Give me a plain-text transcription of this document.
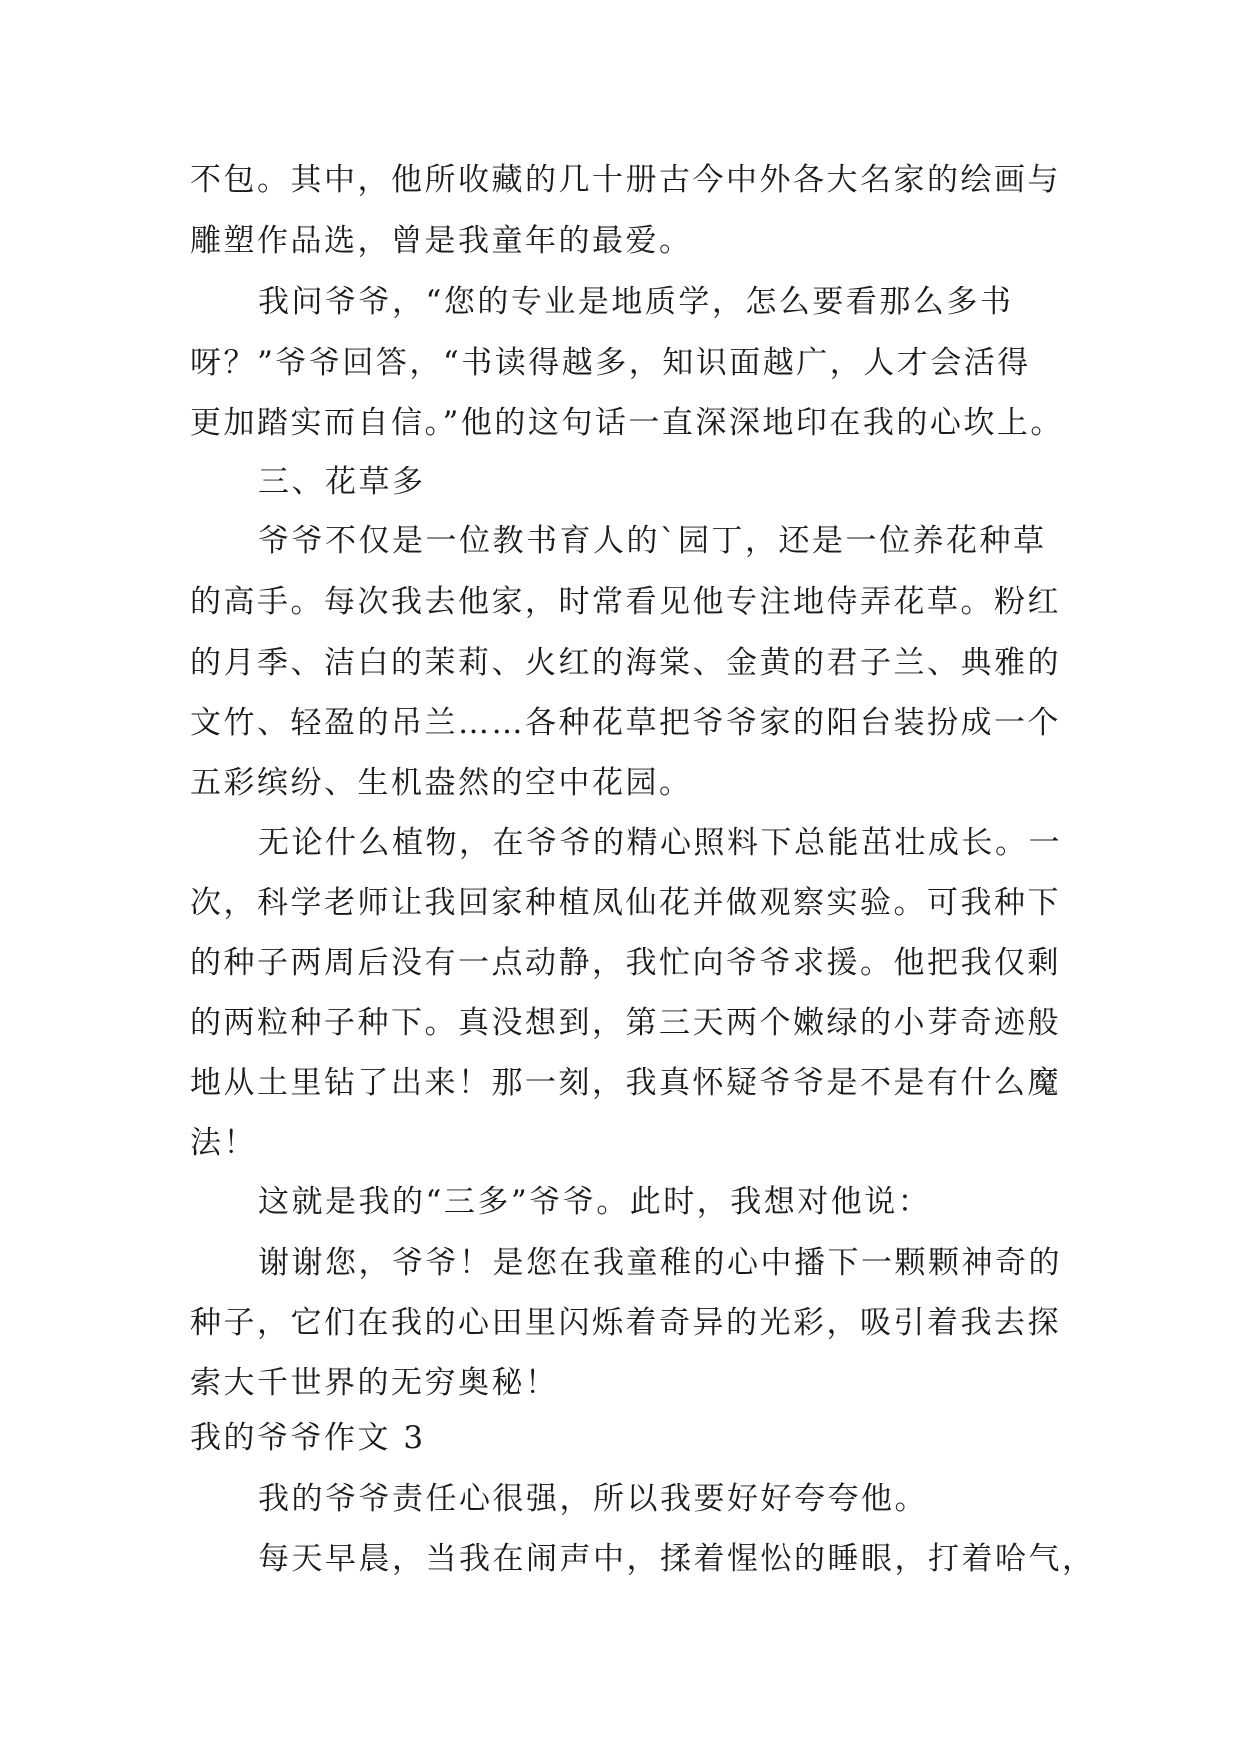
不包。其中，他所收藏的几十册古今中外各大名家的绘画与
雕塑作品选，曾是我童年的最爱。
我问爷爷，“您的专业是地质学，怎么要看那么多书
呀？”爷爷回答，“书读得越多，知识面越广，人才会活得
更加踏实而自信。”他的这句话一直深深地印在我的心坎上。
三、花草多
爷爷不仅是一位教书育人的`园丁，还是一位养花种草
的高手。每次我去他家，时常看见他专注地侍弄花草。粉红
的月季、洁白的茉莉、火红的海棠、金黄的君子兰、典雅的
文竹、轻盈的吊兰……各种花草把爷爷家的阳台装扮成一个
五彩缤纷、生机盎然的空中花园。
无论什么植物，在爷爷的精心照料下总能茁壮成长。一
次，科学老师让我回家种植凤仙花并做观察实验。可我种下
的种子两周后没有一点动静，我忙向爷爷求援。他把我仅剩
的两粒种子种下。真没想到，第三天两个嫩绿的小芽奇迹般
地从土里钻了出来！那一刻，我真怀疑爷爷是不是有什么魔
法！
这就是我的“三多”爷爷。此时，我想对他说：
谢谢您，爷爷！是您在我童稚的心中播下一颗颗神奇的
种子，它们在我的心田里闪烁着奇异的光彩，吸引着我去探
索大千世界的无穷奥秘！
我的爷爷作文 3
我的爷爷责任心很强，所以我要好好夸夸他。
每天早晨，当我在闹声中，揉着惺忪的睡眼，打着哈气，
